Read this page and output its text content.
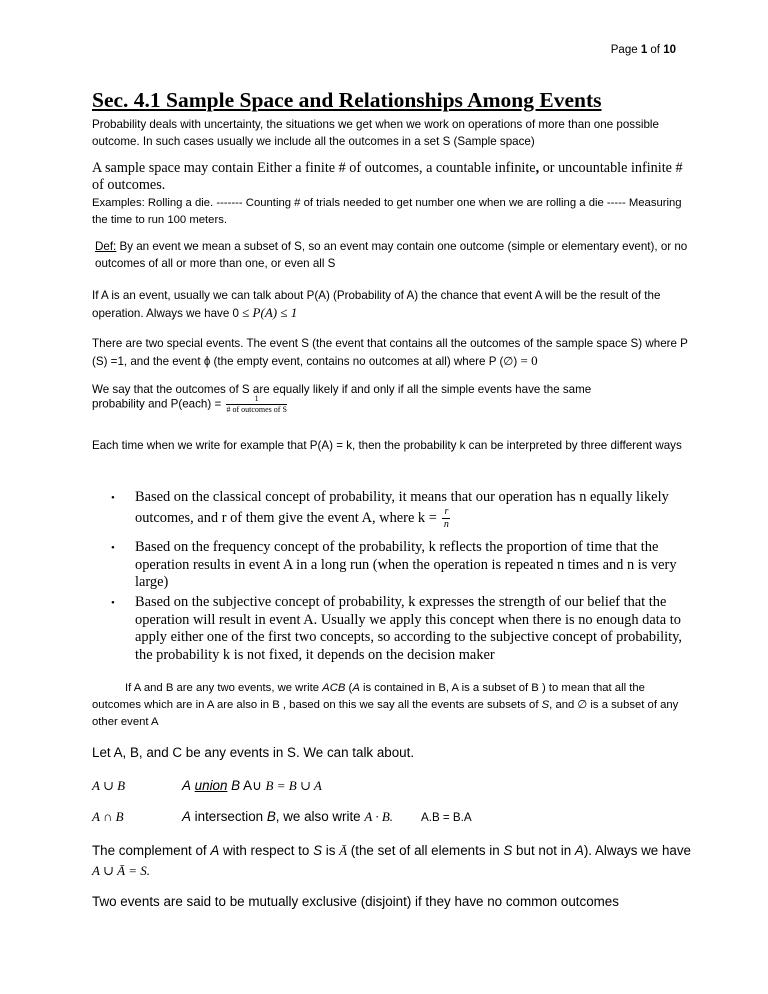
Page 1 of 10
Sec. 4.1 Sample Space and Relationships Among Events
Probability deals with uncertainty, the situations we get when we work on operations of more than one possible outcome. In such cases usually we include all the outcomes in a set S (Sample space)
A sample space may contain Either a finite # of outcomes, a countable infinite, or uncountable infinite # of outcomes.
Examples: Rolling a die. ------- Counting # of trials needed to get number one when we are rolling a die ----- Measuring the time to run 100 meters.
Def: By an event we mean a subset of S, so an event may contain one outcome (simple or elementary event), or no outcomes of all or more than one, or even all S
If A is an event, usually we can talk about P(A) (Probability of A) the chance that event A will be the result of the operation. Always we have 0 ≤ P(A) ≤ 1
There are two special events. The event S (the event that contains all the outcomes of the sample space S) where P (S) =1, and the event ϕ (the empty event, contains no outcomes at all) where P (∅) = 0
We say that the outcomes of S are equally likely if and only if all the simple events have the same
probability and P(each) = $\frac{1}{\text{\# of outcomes of S}}$
Each time when we write for example that P(A) = k, then the probability k can be interpreted by three different ways
• Based on the classical concept of probability, it means that our operation has n equally likely outcomes, and r of them give the event A, where $k = \frac{r}{n}$
• Based on the frequency concept of the probability, k reflects the proportion of time that the operation results in event A in a long run (when the operation is repeated n times and n is very large)
• Based on the subjective concept of probability, k expresses the strength of our belief that the operation will result in event A. Usually we apply this concept when there is no enough data to apply either one of the first two concepts, so according to the subjective concept of probability, the probability k is not fixed, it depends on the decision maker
If A and B are any two events, we write ACB (A is contained in B, A is a subset of B ) to mean that all the outcomes which are in A are also in B , based on this we say all the events are subsets of S, and ∅ is a subset of any other event A
Let A, B, and C be any events in S. We can talk about.
A ∪ B	A union B A∪ B = B ∪ A
A ∩ B	A intersection B, we also write A · B. A.B = B.A
The complement of A with respect to S is Ā (the set of all elements in S but not in A). Always we have A ∪ Ā = S.
Two events are said to be mutually exclusive (disjoint) if they have no common outcomes
